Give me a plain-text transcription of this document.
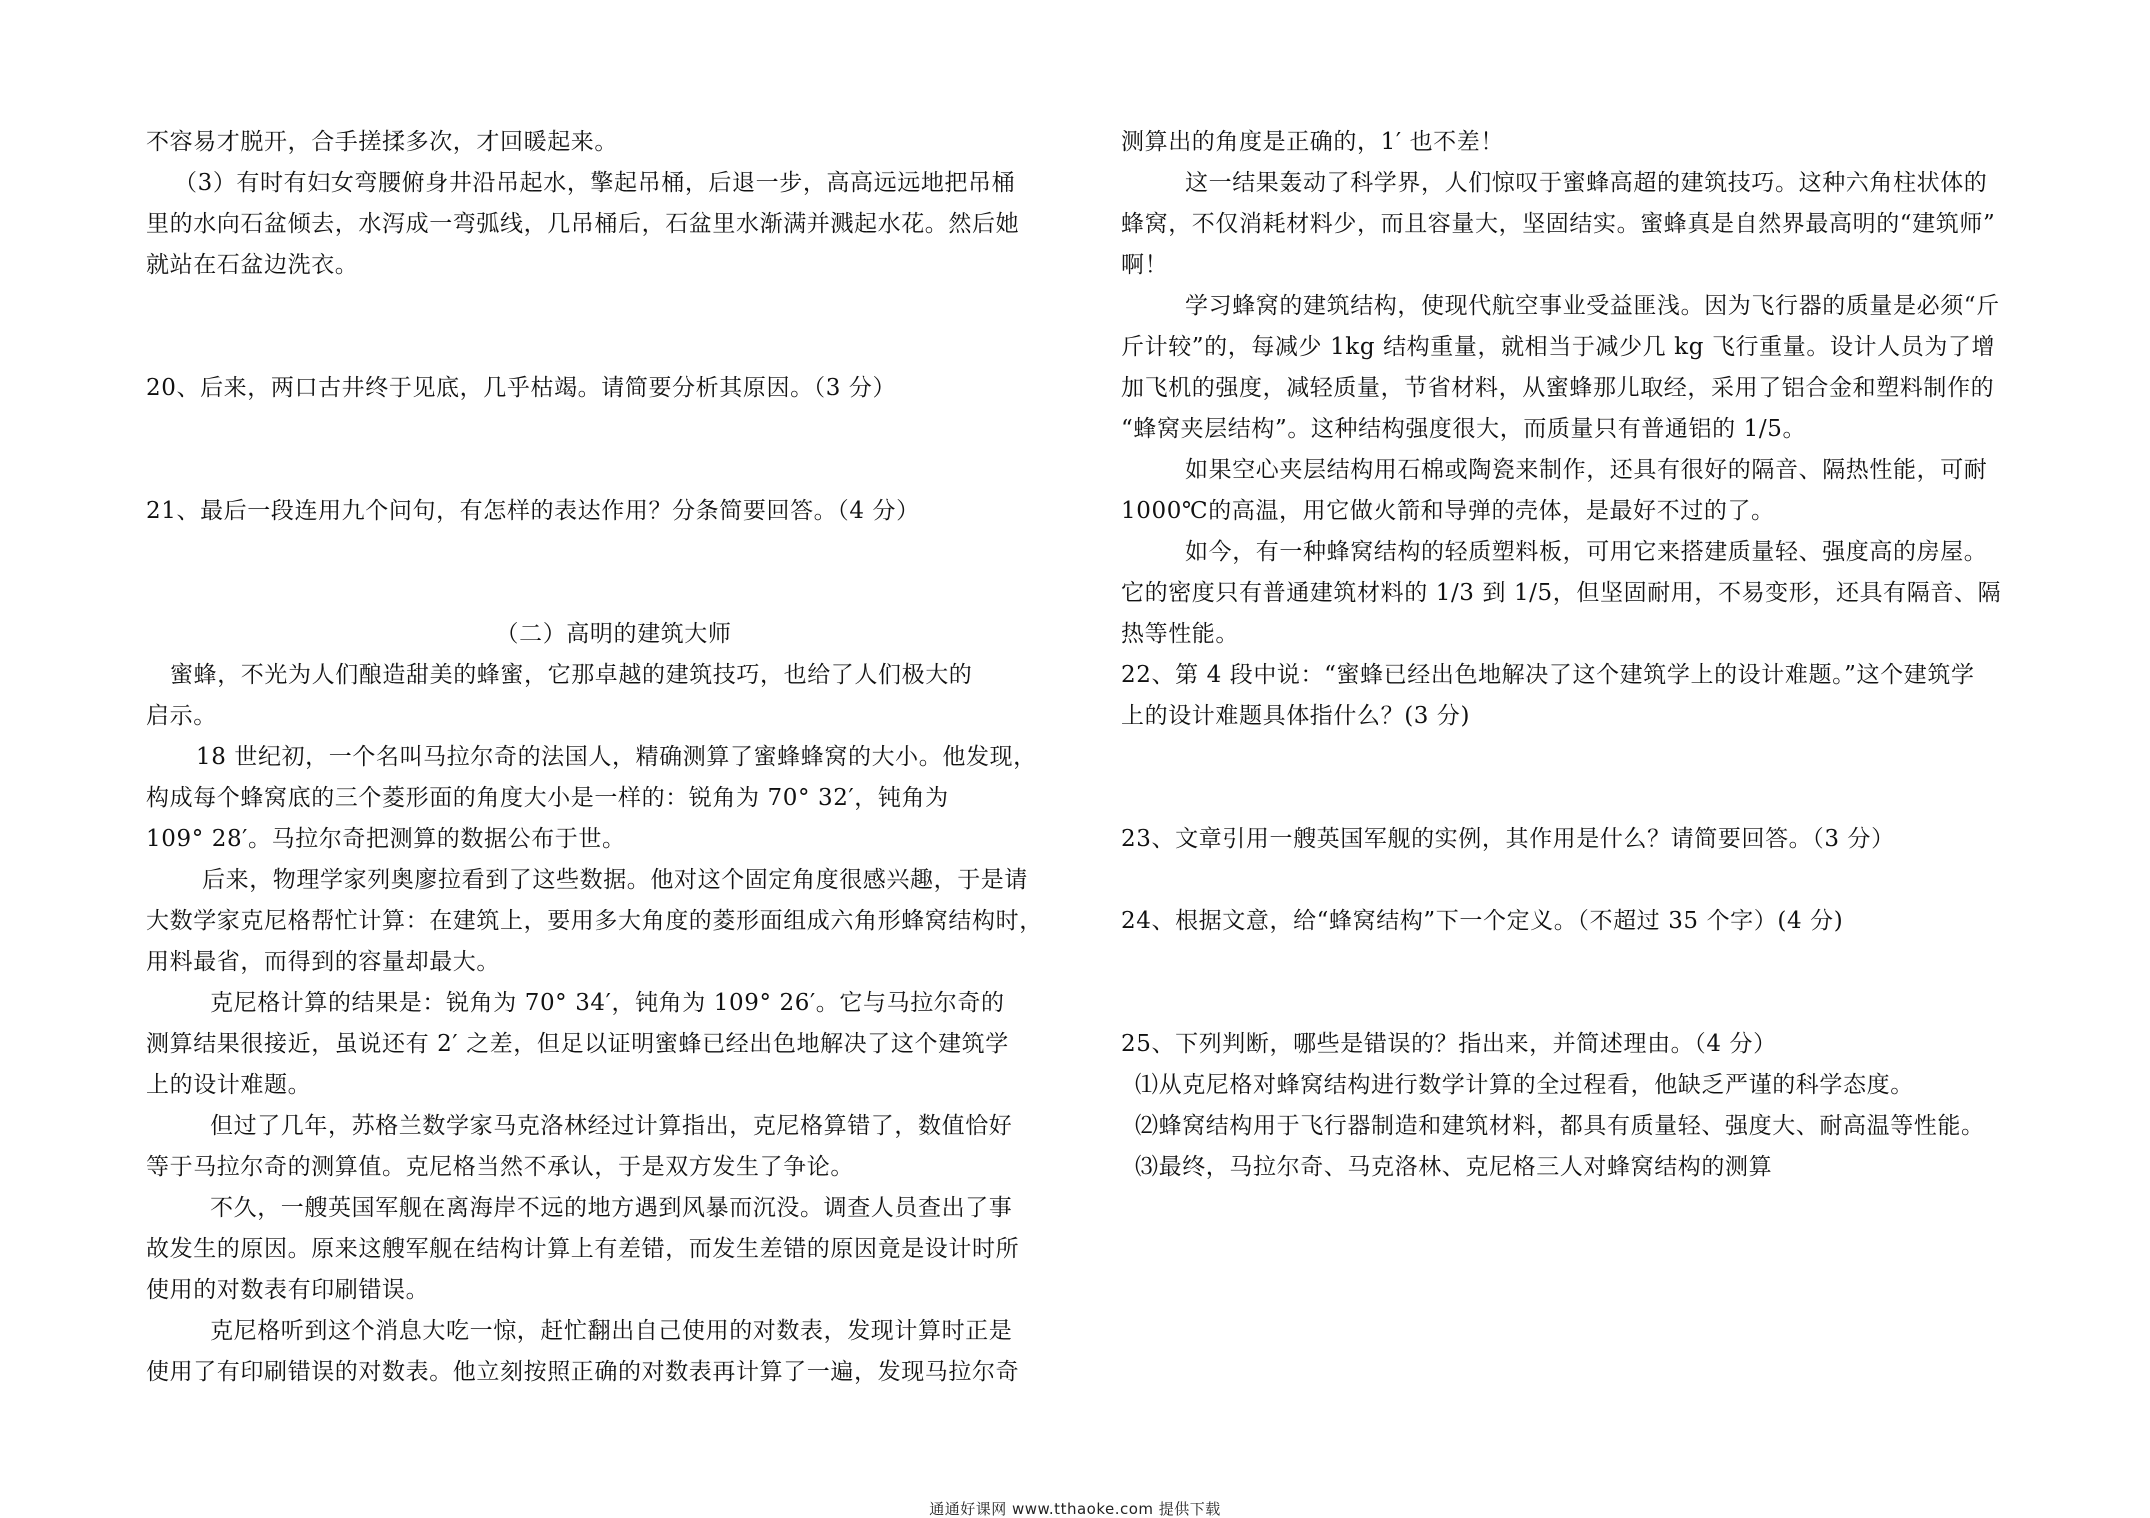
不容易才脱开，合手搓揉多次，才回暖起来。
（3）有时有妇女弯腰俯身井沿吊起水，擎起吊桶，后退一步，高高远远地把吊桶
里的水向石盆倾去，水泻成一弯弧线，几吊桶后，石盆里水渐满并溅起水花。然后她
就站在石盆边洗衣。
20、后来，两口古井终于见底，几乎枯竭。请简要分析其原因。（3 分）
21、最后一段连用九个问句，有怎样的表达作用？分条简要回答。（4 分）
（二）高明的建筑大师
蜜蜂，不光为人们酿造甜美的蜂蜜，它那卓越的建筑技巧，也给了人们极大的
启示。
18 世纪初，一个名叫马拉尔奇的法国人，精确测算了蜜蜂蜂窝的大小。他发现，
构成每个蜂窝底的三个菱形面的角度大小是一样的：锐角为 70° 32′，钝角为
109° 28′。马拉尔奇把测算的数据公布于世。
后来，物理学家列奥廖拉看到了这些数据。他对这个固定角度很感兴趣，于是请
大数学家克尼格帮忙计算：在建筑上，要用多大角度的菱形面组成六角形蜂窝结构时，
用料最省，而得到的容量却最大。
克尼格计算的结果是：锐角为 70° 34′，钝角为 109° 26′。它与马拉尔奇的
测算结果很接近，虽说还有 2′ 之差，但足以证明蜜蜂已经出色地解决了这个建筑学
上的设计难题。
但过了几年，苏格兰数学家马克洛林经过计算指出，克尼格算错了，数值恰好
等于马拉尔奇的测算值。克尼格当然不承认，于是双方发生了争论。
不久，一艘英国军舰在离海岸不远的地方遇到风暴而沉没。调查人员查出了事
故发生的原因。原来这艘军舰在结构计算上有差错，而发生差错的原因竟是设计时所
使用的对数表有印刷错误。
克尼格听到这个消息大吃一惊，赶忙翻出自己使用的对数表，发现计算时正是
使用了有印刷错误的对数表。他立刻按照正确的对数表再计算了一遍，发现马拉尔奇
测算出的角度是正确的，1′ 也不差！
这一结果轰动了科学界，人们惊叹于蜜蜂高超的建筑技巧。这种六角柱状体的
蜂窝，不仅消耗材料少，而且容量大，坚固结实。蜜蜂真是自然界最高明的“建筑师”
啊！
学习蜂窝的建筑结构，使现代航空事业受益匪浅。因为飞行器的质量是必须“斤
斤计较”的，每减少 1kg 结构重量，就相当于减少几 kg 飞行重量。设计人员为了增
加飞机的强度，减轻质量，节省材料，从蜜蜂那儿取经，采用了铝合金和塑料制作的
“蜂窝夹层结构”。这种结构强度很大，而质量只有普通铝的 1/5。
如果空心夹层结构用石棉或陶瓷来制作，还具有很好的隔音、隔热性能，可耐
1000℃的高温，用它做火箭和导弹的壳体，是最好不过的了。
如今，有一种蜂窝结构的轻质塑料板，可用它来搭建质量轻、强度高的房屋。
它的密度只有普通建筑材料的 1/3 到 1/5，但坚固耐用，不易变形，还具有隔音、隔
热等性能。
22、第 4 段中说：“蜜蜂已经出色地解决了这个建筑学上的设计难题。”这个建筑学
上的设计难题具体指什么？(3 分)
23、文章引用一艘英国军舰的实例，其作用是什么？请简要回答。（3 分）
24、根据文意，给“蜂窝结构”下一个定义。（不超过 35 个字）(4 分)
25、下列判断，哪些是错误的？指出来，并简述理由。（4 分）
⑴从克尼格对蜂窝结构进行数学计算的全过程看，他缺乏严谨的科学态度。
⑵蜂窝结构用于飞行器制造和建筑材料，都具有质量轻、强度大、耐高温等性能。
⑶最终，马拉尔奇、马克洛林、克尼格三人对蜂窝结构的测算
通通好课网 www.tthaoke.com 提供下载
